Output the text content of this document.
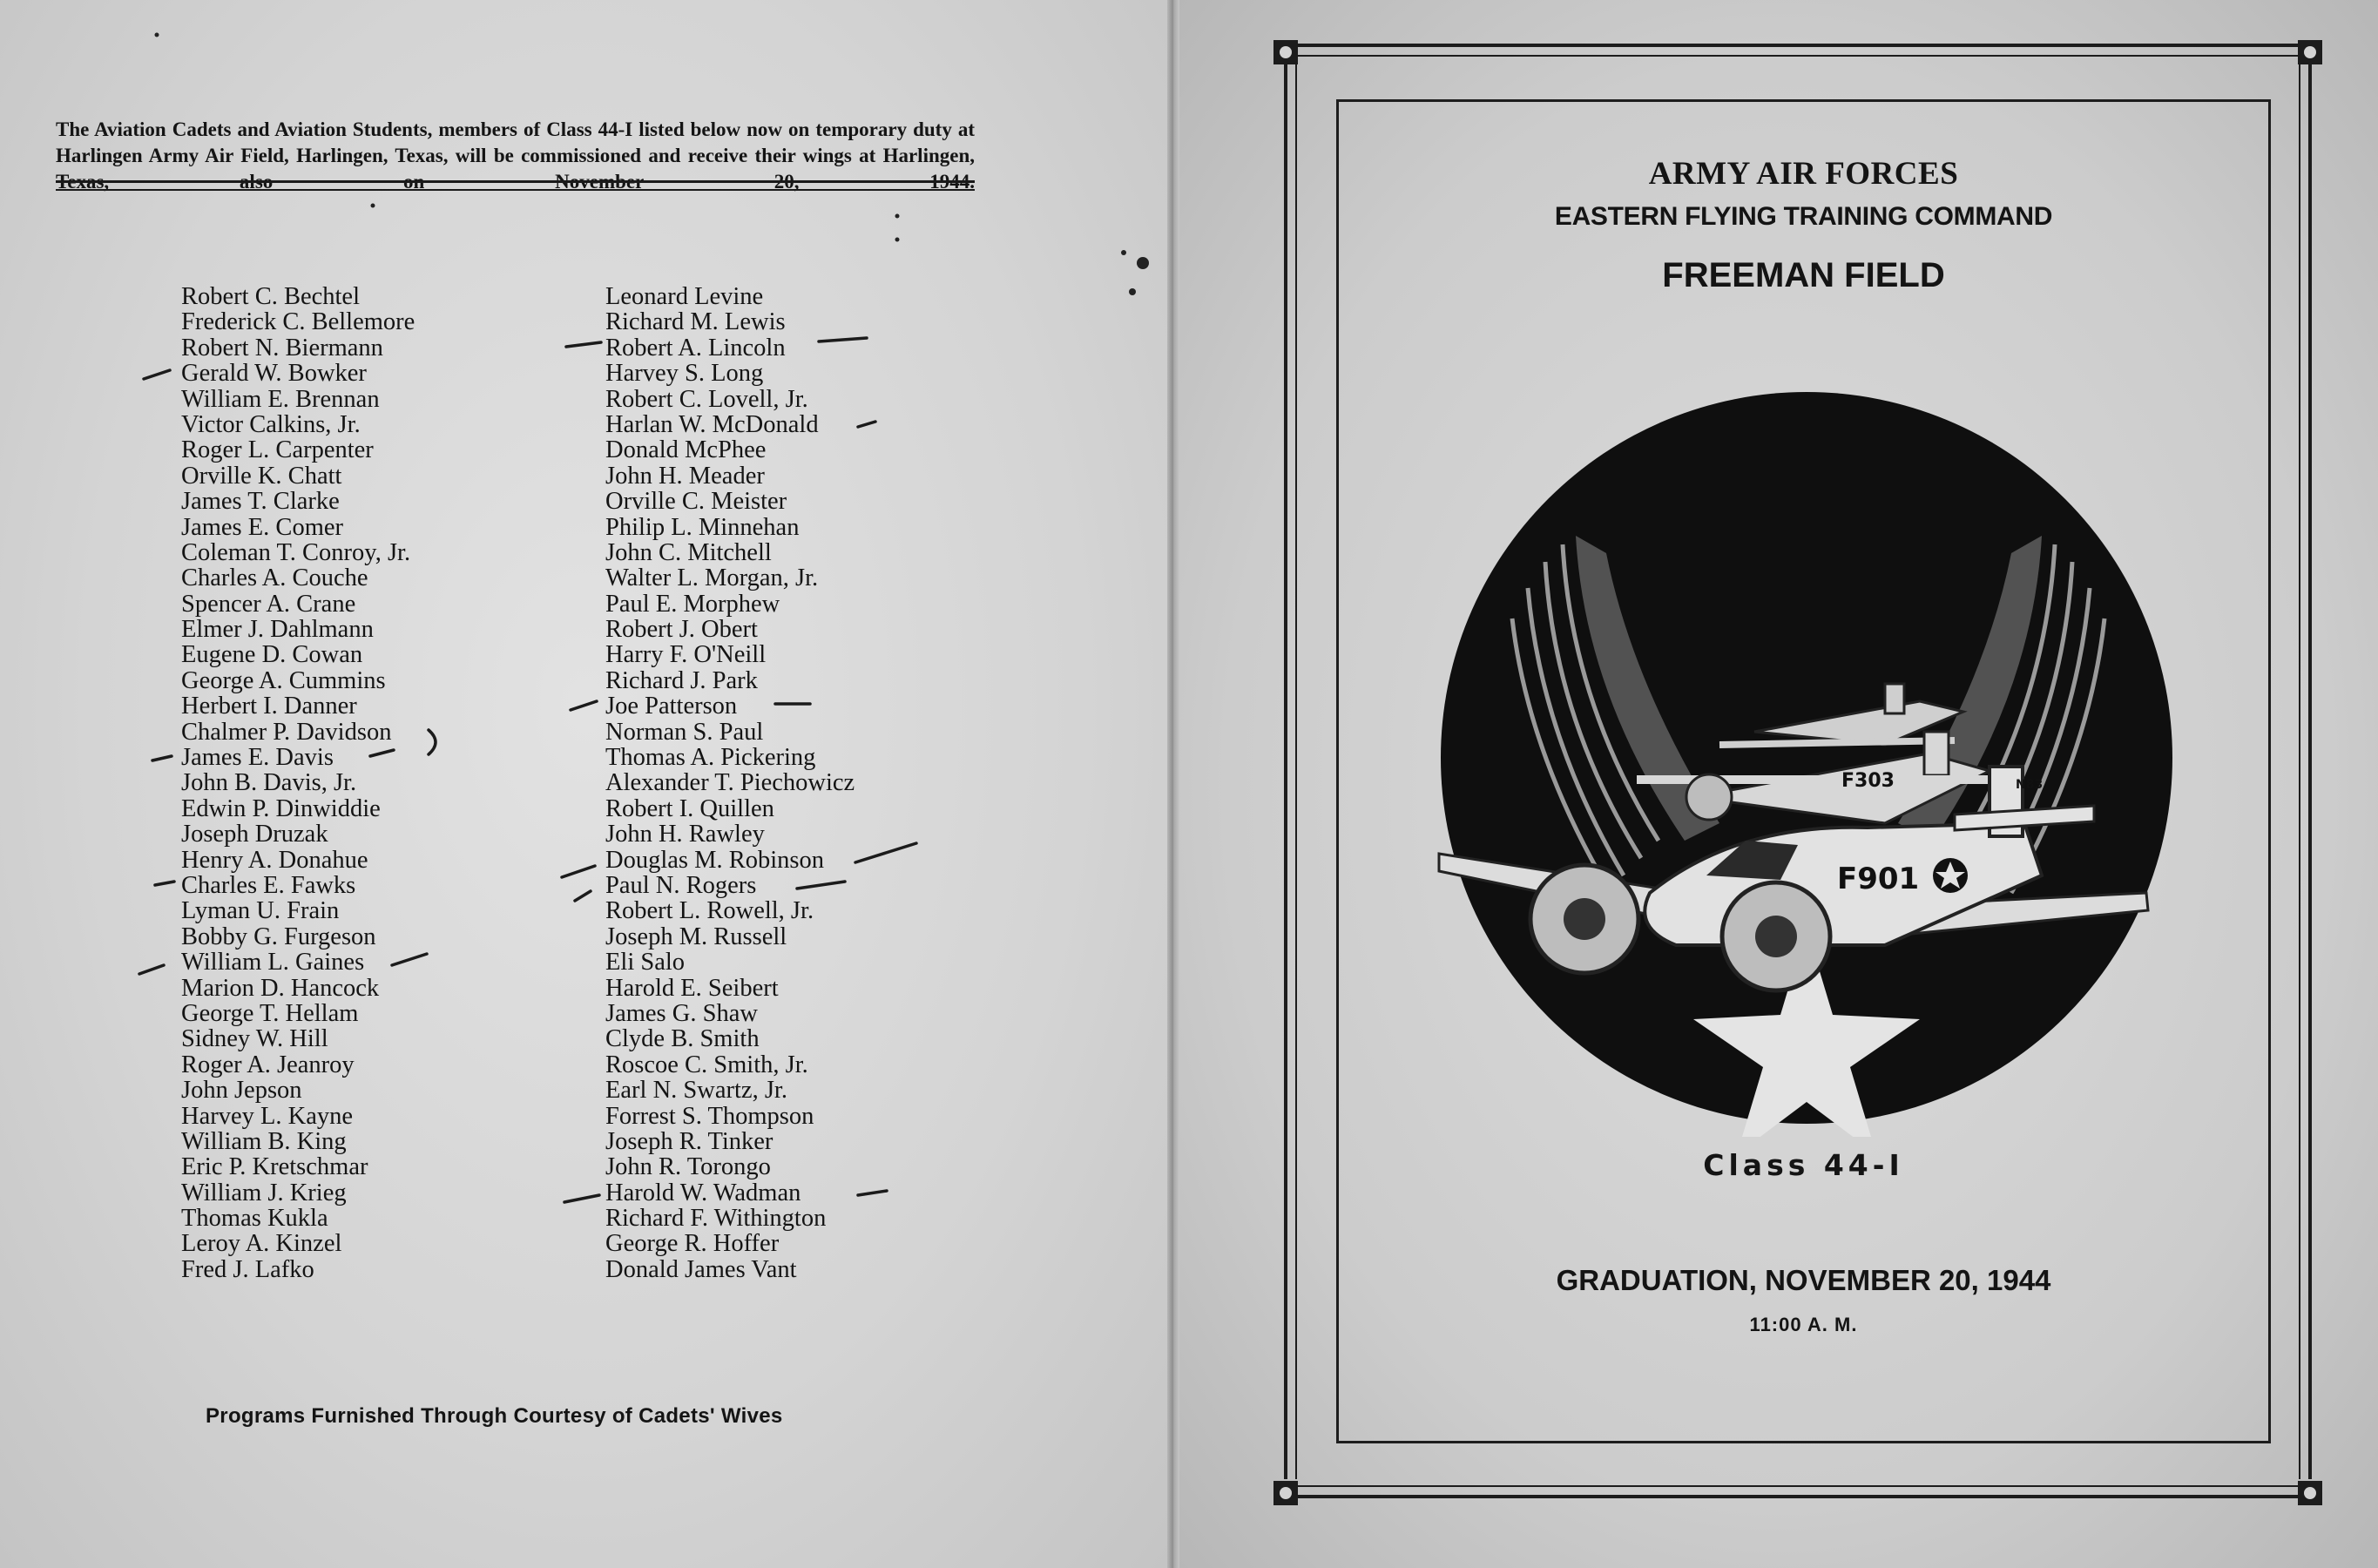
The Aviation Cadets and Aviation Students, members of Class 44-I listed below now on temporary duty at Harlingen Army Air Field, Harlingen, Texas, will be commissioned and receive their wings at Harlingen, Texas, also on November 20, 1944.

Robert C. Bechtel
Frederick C. Bellemore
Robert N. Biermann
Gerald W. Bowker
William E. Brennan
Victor Calkins, Jr.
Roger L. Carpenter
Orville K. Chatt
James T. Clarke
James E. Comer
Coleman T. Conroy, Jr.
Charles A. Couche
Spencer A. Crane
Elmer J. Dahlmann
Eugene D. Cowan
George A. Cummins
Herbert I. Danner
Chalmer P. Davidson
James E. Davis
John B. Davis, Jr.
Edwin P. Dinwiddie
Joseph Druzak
Henry A. Donahue
Charles E. Fawks
Lyman U. Frain
Bobby G. Furgeson
William L. Gaines
Marion D. Hancock
George T. Hellam
Sidney W. Hill
Roger A. Jeanroy
John Jepson
Harvey L. Kayne
William B. King
Eric P. Kretschmar
William J. Krieg
Thomas Kukla
Leroy A. Kinzel
Fred J. Lafko
Leonard Levine
Richard M. Lewis
Robert A. Lincoln
Harvey S. Long
Robert C. Lovell, Jr.
Harlan W. McDonald
Donald McPhee
John H. Meader
Orville C. Meister
Philip L. Minnehan
John C. Mitchell
Walter L. Morgan, Jr.
Paul E. Morphew
Robert J. Obert
Harry F. O'Neill
Richard J. Park
Joe Patterson
Norman S. Paul
Thomas A. Pickering
Alexander T. Piechowicz
Robert I. Quillen
John H. Rawley
Douglas M. Robinson
Paul N. Rogers
Robert L. Rowell, Jr.
Joseph M. Russell
Eli Salo
Harold E. Seibert
James G. Shaw
Clyde B. Smith
Roscoe C. Smith, Jr.
Earl N. Swartz, Jr.
Forrest S. Thompson
Joseph R. Tinker
John R. Torongo
Harold W. Wadman
Richard F. Withington
George R. Hoffer
Donald James Vant
Programs Furnished Through Courtesy of Cadets' Wives
ARMY AIR FORCES
EASTERN FLYING TRAINING COMMAND
FREEMAN FIELD
F303	N83
F901
Class 44-I
GRADUATION, NOVEMBER 20, 1944
11:00 A. M.
